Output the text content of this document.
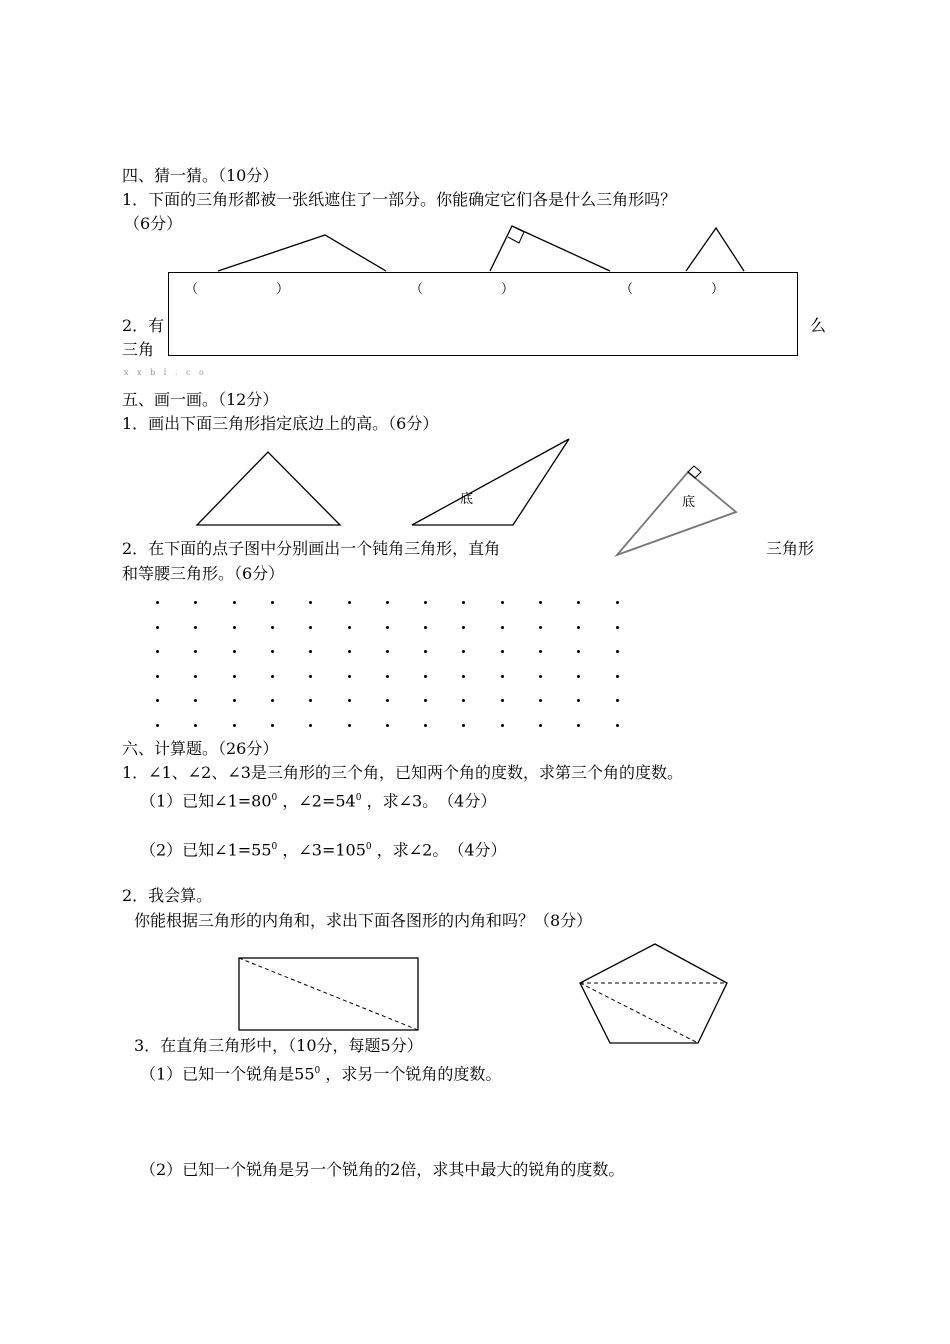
四、猜一猜。（10分）
1．下面的三角形都被一张纸遮住了一部分。你能确定它们各是什么三角形吗？
（6分）
2．有	么
三角
x x b l . c o
（　　　　　　）	（　　　　　　）	（　　　　　　）
五、画一画。（12分）
1．画出下面三角形指定底边上的高。（6分）
底	底
2．在下面的点子图中分别画出一个钝角三角形，直角	三角形
和等腰三角形。（6分）
六、计算题。（26分）
1．∠1、∠2、∠3是三角形的三个角，已知两个角的度数，求第三个角的度数。
（1）已知$\angle 1=80^0$ ，$\angle 2=54^0$ ，求∠3。　（4分）
（2）已知$\angle 1=55^0$ ，$\angle 3=105^0$ ，求∠2。　（4分）
2．我会算。
你能根据三角形的内角和，求出下面各图形的内角和吗？（8分）
3．在直角三角形中，（10分，每题5分）
（1）已知一个锐角是$55^0$ ，求另一个锐角的度数。
（2）已知一个锐角是另一个锐角的2倍，求其中最大的锐角的度数。
